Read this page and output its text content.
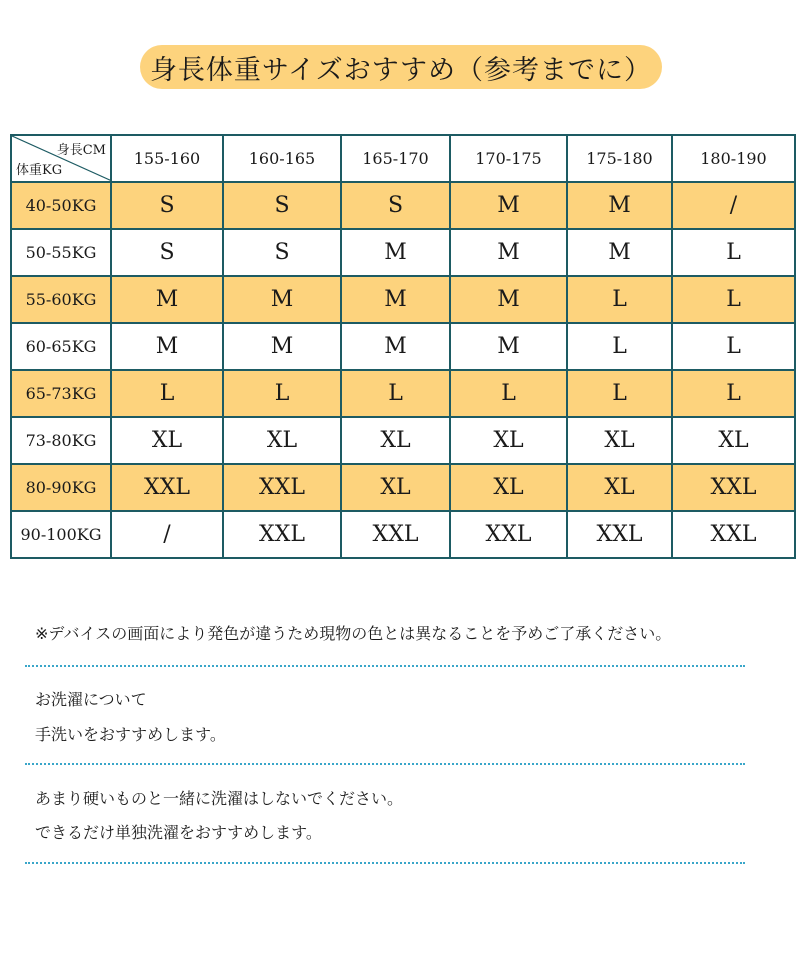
身長体重サイズおすすめ（参考までに）
身長CM
体重KG	155-160	160-165	165-170	170-175	175-180	180-190
40-50KG	S	S	S	M	M	/
50-55KG	S	S	M	M	M	L
55-60KG	M	M	M	M	L	L
60-65KG	M	M	M	M	L	L
65-73KG	L	L	L	L	L	L
73-80KG	XL	XL	XL	XL	XL	XL
80-90KG	XXL	XXL	XL	XL	XL	XXL
90-100KG	/	XXL	XXL	XXL	XXL	XXL
※デバイスの画面により発色が違うため現物の色とは異なることを予めご了承ください。
お洗濯について
手洗いをおすすめします。
あまり硬いものと一緒に洗濯はしないでください。
できるだけ単独洗濯をおすすめします。
